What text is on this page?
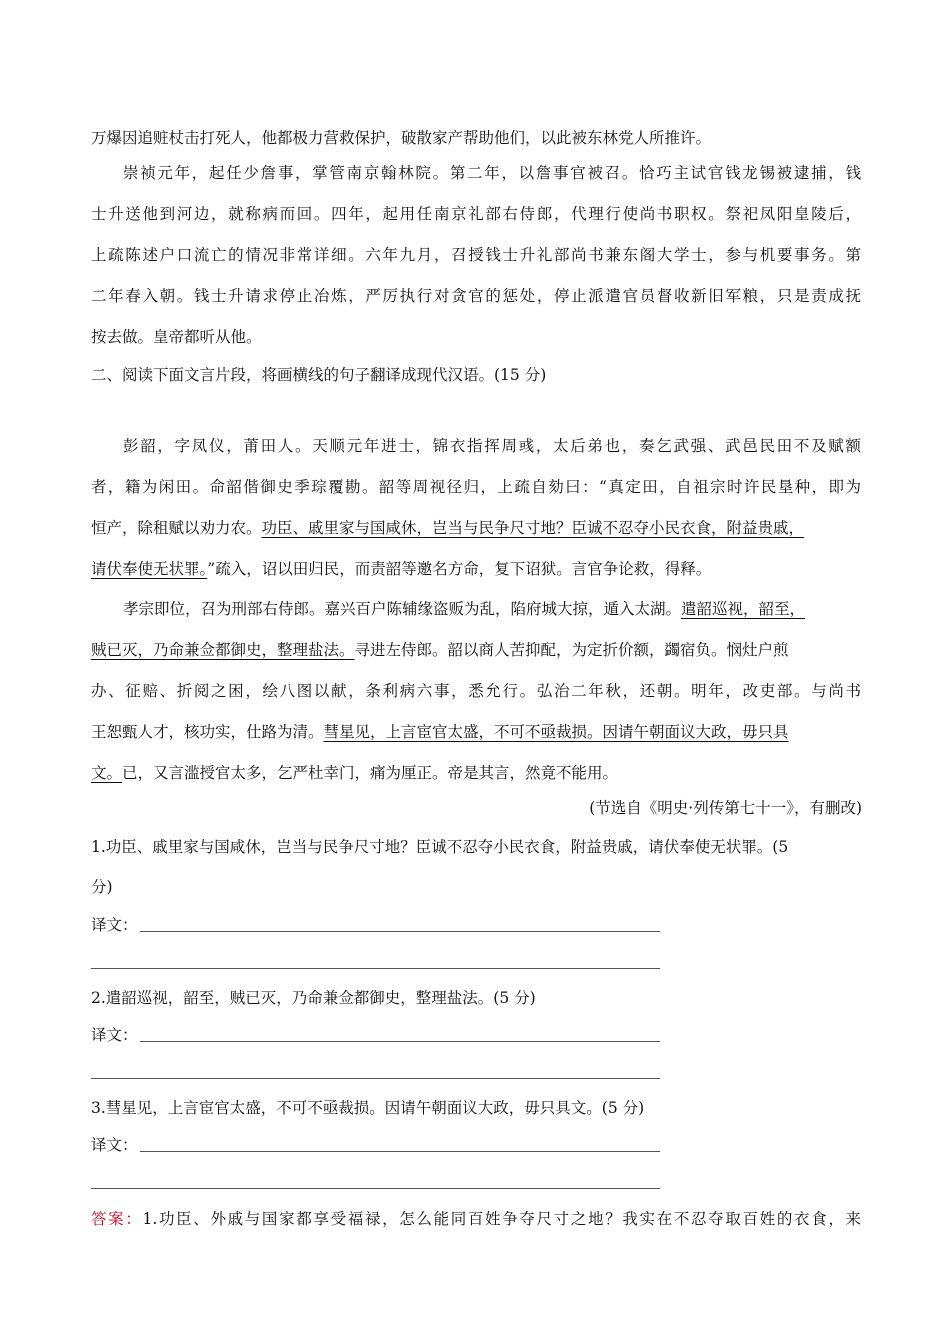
万爆因追赃杖击打死人，他都极力营救保护，破散家产帮助他们，以此被东林党人所推许。
崇祯元年，起任少詹事，掌管南京翰林院。第二年，以詹事官被召。恰巧主试官钱龙锡被逮捕，钱
士升送他到河边，就称病而回。四年，起用任南京礼部右侍郎，代理行使尚书职权。祭祀凤阳皇陵后，
上疏陈述户口流亡的情况非常详细。六年九月，召授钱士升礼部尚书兼东阁大学士，参与机要事务。第
二年春入朝。钱士升请求停止冶炼，严厉执行对贪官的惩处，停止派遣官员督收新旧军粮，只是责成抚
按去做。皇帝都听从他。
二、阅读下面文言片段，将画横线的句子翻译成现代汉语。(15 分)
彭韶，字凤仪，莆田人。天顺元年进士，锦衣指挥周彧，太后弟也，奏乞武强、武邑民田不及赋额
者，籍为闲田。命韶偕御史季琮覆勘。韶等周视径归，上疏自劾曰：“真定田，自祖宗时许民垦种，即为
恒产，除租赋以劝力农。功臣、戚里家与国咸休，岂当与民争尺寸地？臣诚不忍夺小民衣食，附益贵戚，
请伏奉使无状罪。”疏入，诏以田归民，而责韶等邀名方命，复下诏狱。言官争论救，得释。
孝宗即位，召为刑部右侍郎。嘉兴百户陈辅缘盗贩为乱，陷府城大掠，遁入太湖。遣韶巡视，韶至，
贼已灭，乃命兼佥都御史，整理盐法。寻进左侍郎。韶以商人苦抑配，为定折价额，蠲宿负。悯灶户煎
办、征赔、折阅之困，绘八图以献，条利病六事，悉允行。弘治二年秋，还朝。明年，改吏部。与尚书
王恕甄人才，核功实，仕路为清。彗星见，上言宦官太盛，不可不亟裁损。因请午朝面议大政，毋只具
文。已，又言滥授官太多，乞严杜幸门，痛为厘正。帝是其言，然竟不能用。
(节选自《明史·列传第七十一》，有删改)
1.功臣、戚里家与国咸休，岂当与民争尺寸地？臣诚不忍夺小民衣食，附益贵戚，请伏奉使无状罪。(5
分)
译文：
2.遣韶巡视，韶至，贼已灭，乃命兼佥都御史，整理盐法。(5 分)
译文：
3.彗星见，上言宦官太盛，不可不亟裁损。因请午朝面议大政，毋只具文。(5 分)
译文：
答案：1.功臣、外戚与国家都享受福禄，怎么能同百姓争夺尺寸之地？我实在不忍夺取百姓的衣食，来
